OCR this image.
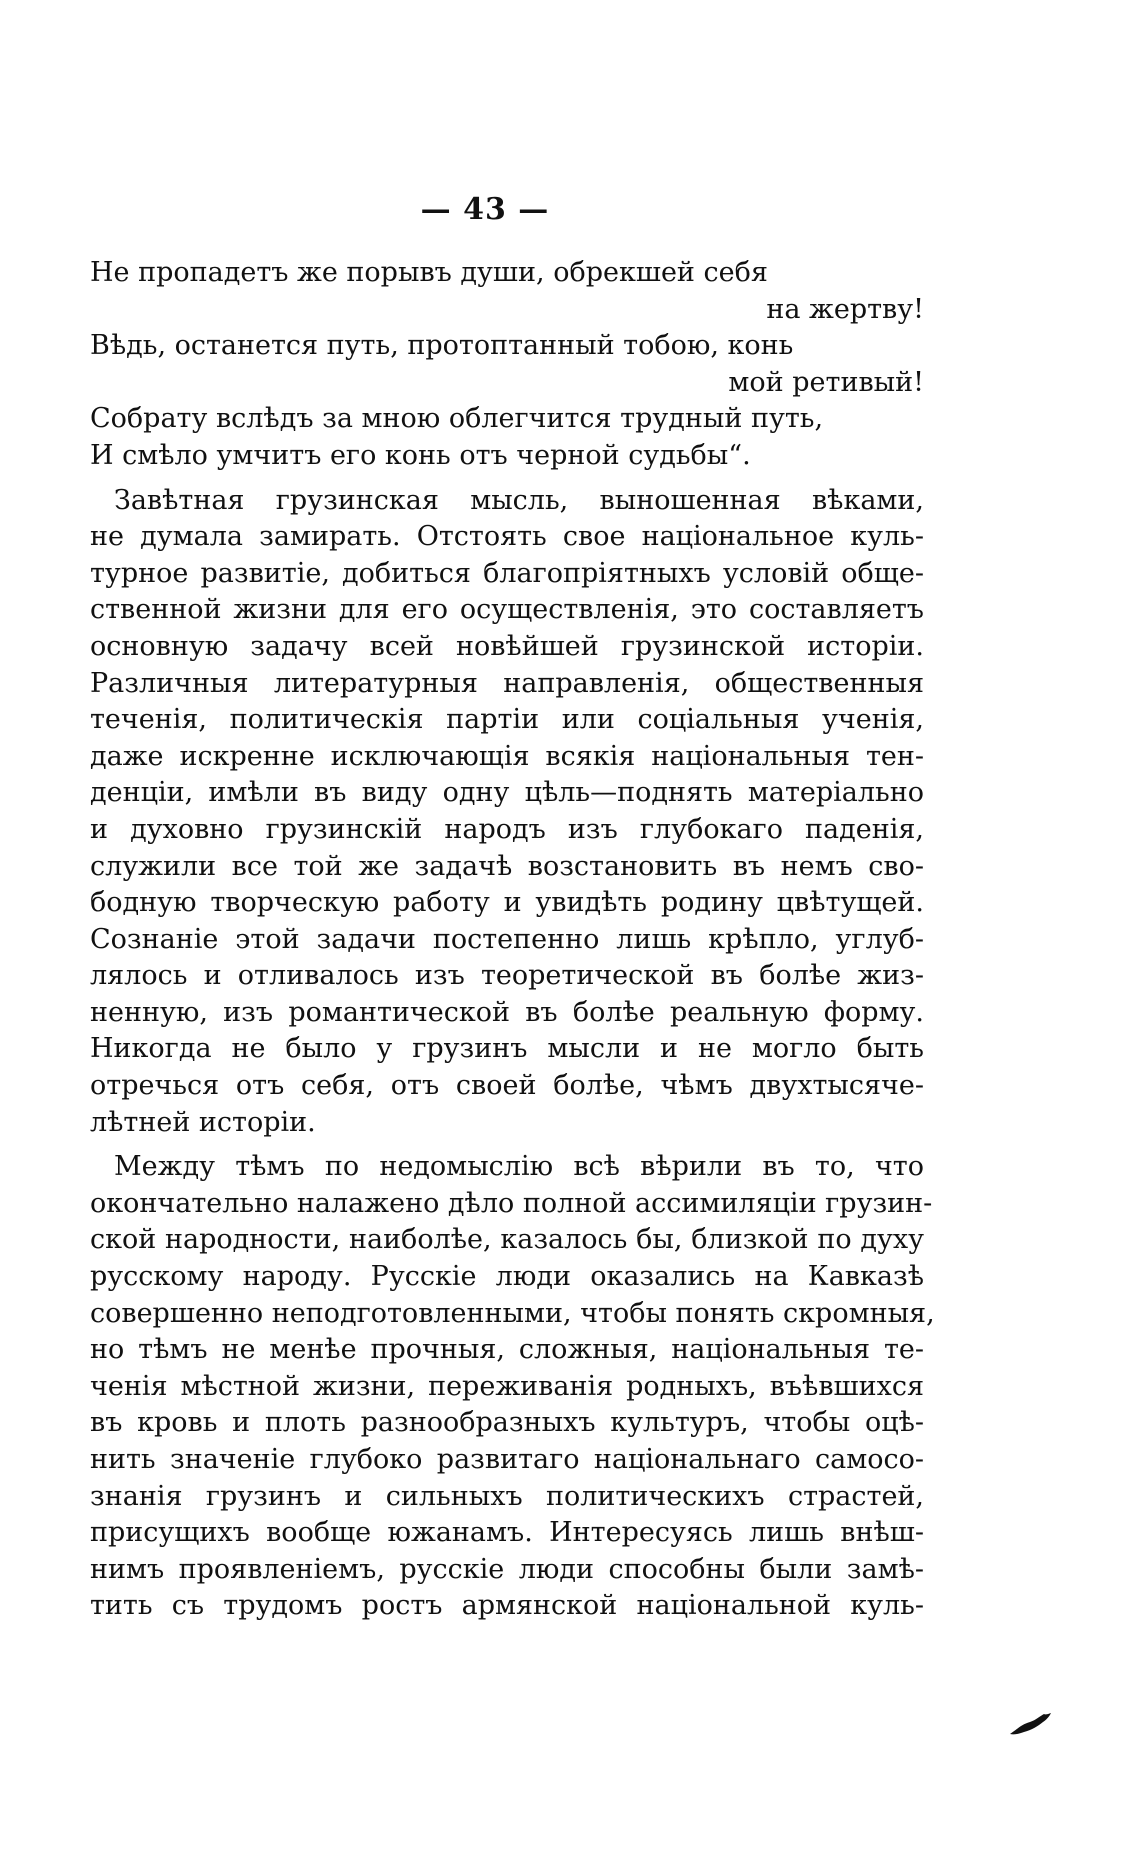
— 43 —
Не пропадетъ же порывъ души, обрекшей себя
на жертву!
Вѣдь, останется путь, протоптанный тобою, конь
мой ретивый!
Собрату вслѣдъ за мною облегчится трудный путь,
И смѣло умчитъ его конь отъ черной судьбы“.
Завѣтная грузинская мысль, выношенная вѣками,
не думала замирать. Отстоять свое національное куль-
турное развитіе, добиться благопріятныхъ условій обще-
ственной жизни для его осуществленія, это составляетъ
основную задачу всей новѣйшей грузинской исторіи.
Различныя литературныя направленія, общественныя
теченія, политическія партіи или соціальныя ученія,
даже искренне исключающія всякія національныя тен-
денціи, имѣли въ виду одну цѣль—поднять матеріально
и духовно грузинскій народъ изъ глубокаго паденія,
служили все той же задачѣ возстановить въ немъ сво-
бодную творческую работу и увидѣть родину цвѣтущей.
Сознаніе этой задачи постепенно лишь крѣпло, углуб-
лялось и отливалось изъ теоретической въ болѣе жиз-
ненную, изъ романтической въ болѣе реальную форму.
Никогда не было у грузинъ мысли и не могло быть
отречься отъ себя, отъ своей болѣе, чѣмъ двухтысяче-
лѣтней исторіи.
Между тѣмъ по недомыслію всѣ вѣрили въ то, что
окончательно налажено дѣло полной ассимиляціи грузин-
ской народности, наиболѣе, казалось бы, близкой по духу
русскому народу. Русскіе люди оказались на Кавказѣ
совершенно неподготовленными, чтобы понять скромныя,
но тѣмъ не менѣе прочныя, сложныя, національныя те-
ченія мѣстной жизни, переживанія родныхъ, въѣвшихся
въ кровь и плоть разнообразныхъ культуръ, чтобы оцѣ-
нить значеніе глубоко развитаго національнаго самосо-
знанія грузинъ и сильныхъ политическихъ страстей,
присущихъ вообще южанамъ. Интересуясь лишь внѣш-
нимъ проявленіемъ, русскіе люди способны были замѣ-
тить съ трудомъ ростъ армянской національной куль-
